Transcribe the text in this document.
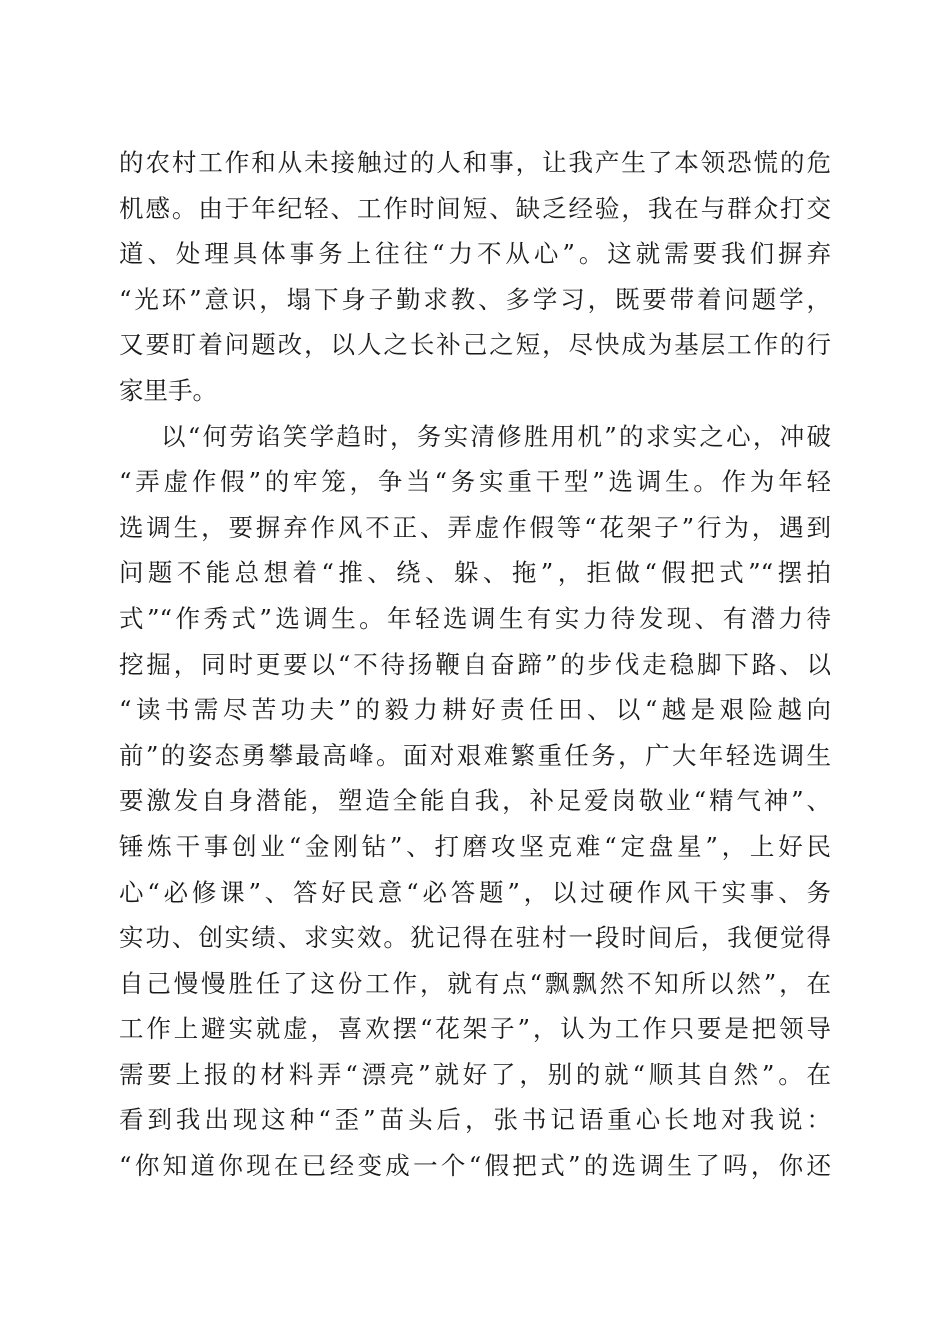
的农村工作和从未接触过的人和事，让我产生了本领恐慌的危
机感。由于年纪轻、工作时间短、缺乏经验，我在与群众打交
道、处理具体事务上往往“力不从心”。这就需要我们摒弃
“光环”意识，塌下身子勤求教、多学习，既要带着问题学，
又要盯着问题改，以人之长补己之短，尽快成为基层工作的行
家里手。
以“何劳谄笑学趋时，务实清修胜用机”的求实之心，冲破
“弄虚作假”的牢笼，争当“务实重干型”选调生。作为年轻
选调生，要摒弃作风不正、弄虚作假等“花架子”行为，遇到
问题不能总想着“推、绕、躲、拖”，拒做“假把式”“摆拍
式”“作秀式”选调生。年轻选调生有实力待发现、有潜力待
挖掘，同时更要以“不待扬鞭自奋蹄”的步伐走稳脚下路、以
“读书需尽苦功夫”的毅力耕好责任田、以“越是艰险越向
前”的姿态勇攀最高峰。面对艰难繁重任务，广大年轻选调生
要激发自身潜能，塑造全能自我，补足爱岗敬业“精气神”、
锤炼干事创业“金刚钻”、打磨攻坚克难“定盘星”，上好民
心“必修课”、答好民意“必答题”，以过硬作风干实事、务
实功、创实绩、求实效。犹记得在驻村一段时间后，我便觉得
自己慢慢胜任了这份工作，就有点“飘飘然不知所以然”，在
工作上避实就虚，喜欢摆“花架子”，认为工作只要是把领导
需要上报的材料弄“漂亮”就好了，别的就“顺其自然”。在
看到我出现这种“歪”苗头后，张书记语重心长地对我说：
“你知道你现在已经变成一个“假把式”的选调生了吗，你还
